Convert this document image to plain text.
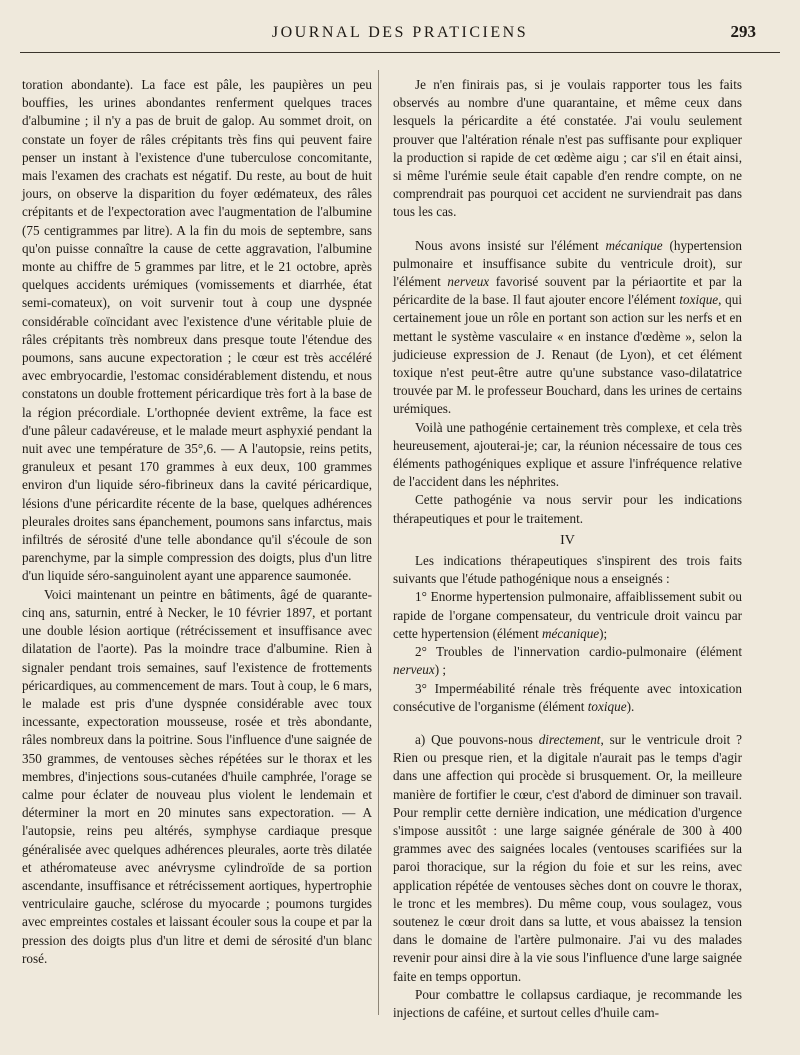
JOURNAL DES PRATICIENS	293

toration abondante). La face est pâle, les paupières un peu bouffies, les urines abondantes renferment quelques traces d'albumine ; il n'y a pas de bruit de galop. Au sommet droit, on constate un foyer de râles crépitants très fins qui peuvent faire penser un instant à l'existence d'une tuberculose concomitante, mais l'examen des crachats est négatif. Du reste, au bout de huit jours, on observe la disparition du foyer œdémateux, des râles crépitants et de l'expectoration avec l'augmentation de l'albumine (75 centigrammes par litre). A la fin du mois de septembre, sans qu'on puisse connaître la cause de cette aggravation, l'albumine monte au chiffre de 5 grammes par litre, et le 21 octobre, après quelques accidents urémiques (vomissements et diarrhée, état semi-comateux), on voit survenir tout à coup une dyspnée considérable coïncidant avec l'existence d'une véritable pluie de râles crépitants très nombreux dans presque toute l'étendue des poumons, sans aucune expectoration ; le cœur est très accéléré avec embryocardie, l'estomac considérablement distendu, et nous constatons un double frottement péricardique très fort à la base de la région précordiale. L'orthopnée devient extrême, la face est d'une pâleur cadavéreuse, et le malade meurt asphyxié pendant la nuit avec une température de 35°,6. — A l'autopsie, reins petits, granuleux et pesant 170 grammes à eux deux, 100 grammes environ d'un liquide séro-fibrineux dans la cavité péricardique, lésions d'une péricardite récente de la base, quelques adhérences pleurales droites sans épanchement, poumons sans infarctus, mais infiltrés de sérosité d'une telle abondance qu'il s'écoule de son parenchyme, par la simple compression des doigts, plus d'un litre d'un liquide séro-sanguinolent ayant une apparence saumonée.

Voici maintenant un peintre en bâtiments, âgé de quarante-cinq ans, saturnin, entré à Necker, le 10 février 1897, et portant une double lésion aortique (rétrécissement et insuffisance avec dilatation de l'aorte). Pas la moindre trace d'albumine. Rien à signaler pendant trois semaines, sauf l'existence de frottements péricardiques, au commencement de mars. Tout à coup, le 6 mars, le malade est pris d'une dyspnée considérable avec toux incessante, expectoration mousseuse, rosée et très abondante, râles nombreux dans la poitrine. Sous l'influence d'une saignée de 350 grammes, de ventouses sèches répétées sur le thorax et les membres, d'injections sous-cutanées d'huile camphrée, l'orage se calme pour éclater de nouveau plus violent le lendemain et déterminer la mort en 20 minutes sans expectoration. — A l'autopsie, reins peu altérés, symphyse cardiaque presque généralisée avec quelques adhérences pleurales, aorte très dilatée et athéromateuse avec anévrysme cylindroïde de sa portion ascendante, insuffisance et rétrécissement aortiques, hypertrophie ventriculaire gauche, sclérose du myocarde ; poumons turgides avec empreintes costales et laissant écouler sous la coupe et par la pression des doigts plus d'un litre et demi de sérosité d'un blanc rosé.

Je n'en finirais pas, si je voulais rapporter tous les faits observés au nombre d'une quarantaine, et même ceux dans lesquels la péricardite a été constatée. J'ai voulu seulement prouver que l'altération rénale n'est pas suffisante pour expliquer la production si rapide de cet œdème aigu ; car s'il en était ainsi, si même l'urémie seule était capable d'en rendre compte, on ne comprendrait pas pourquoi cet accident ne surviendrait pas dans tous les cas.

Nous avons insisté sur l'élément mécanique (hypertension pulmonaire et insuffisance subite du ventricule droit), sur l'élément nerveux favorisé souvent par la périaortite et par la péricardite de la base. Il faut ajouter encore l'élément toxique, qui certainement joue un rôle en portant son action sur les nerfs et en mettant le système vasculaire « en instance d'œdème », selon la judicieuse expression de J. Renaut (de Lyon), et cet élément toxique n'est peut-être autre qu'une substance vaso-dilatatrice trouvée par M. le professeur Bouchard, dans les urines de certains urémiques.

Voilà une pathogénie certainement très complexe, et cela très heureusement, ajouterai-je; car, la réunion nécessaire de tous ces éléments pathogéniques explique et assure l'infréquence relative de l'accident dans les néphrites.

Cette pathogénie va nous servir pour les indications thérapeutiques et pour le traitement.

IV

Les indications thérapeutiques s'inspirent des trois faits suivants que l'étude pathogénique nous a enseignés :

1° Enorme hypertension pulmonaire, affaiblissement subit ou rapide de l'organe compensateur, du ventricule droit vaincu par cette hypertension (élément mécanique);

2° Troubles de l'innervation cardio-pulmonaire (élément nerveux) ;

3° Imperméabilité rénale très fréquente avec intoxication consécutive de l'organisme (élément toxique).

a) Que pouvons-nous directement, sur le ventricule droit ? Rien ou presque rien, et la digitale n'aurait pas le temps d'agir dans une affection qui procède si brusquement. Or, la meilleure manière de fortifier le cœur, c'est d'abord de diminuer son travail. Pour remplir cette dernière indication, une médication d'urgence s'impose aussitôt : une large saignée générale de 300 à 400 grammes avec des saignées locales (ventouses scarifiées sur la paroi thoracique, sur la région du foie et sur les reins, avec application répétée de ventouses sèches dont on couvre le thorax, le tronc et les membres). Du même coup, vous soulagez, vous soutenez le cœur droit dans sa lutte, et vous abaissez la tension dans le domaine de l'artère pulmonaire. J'ai vu des malades revenir pour ainsi dire à la vie sous l'influence d'une large saignée faite en temps opportun.

Pour combattre le collapsus cardiaque, je recommande les injections de caféine, et surtout celles d'huile cam-
